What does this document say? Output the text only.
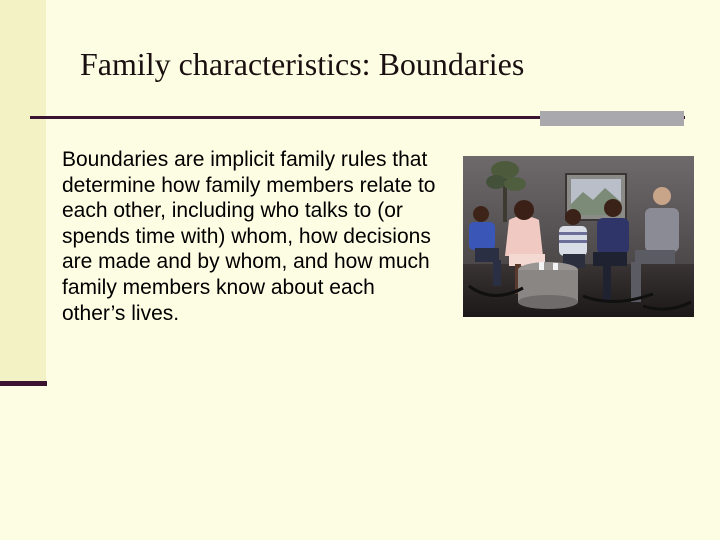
Family characteristics: Boundaries

Boundaries are implicit family rules that determine how family members relate to each other, including who talks to (or spends time with) whom, how decisions are made and by whom, and how much family members know about each other’s lives.
